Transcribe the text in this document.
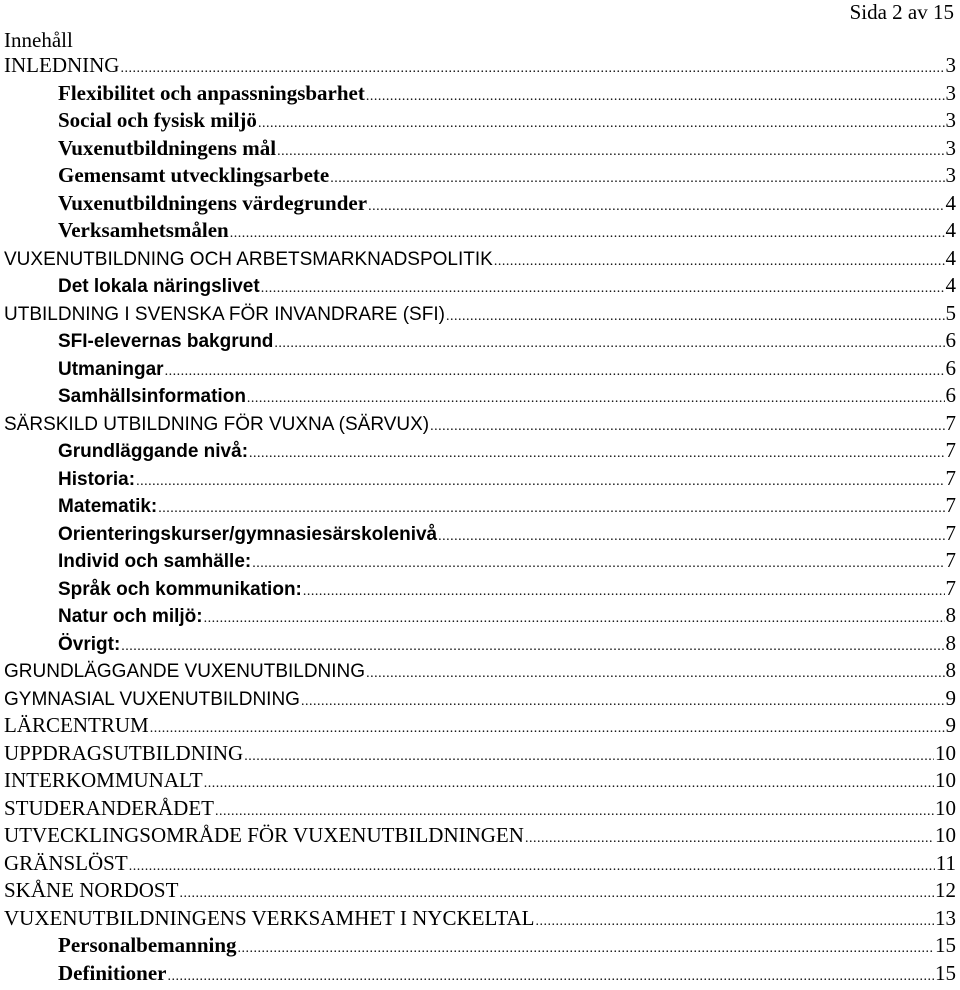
Sida 2 av 15
Innehåll
INLEDNING .....	3
Flexibilitet och anpassningsbarhet .....	3
Social och fysisk miljö .....	3
Vuxenutbildningens mål .....	3
Gemensamt utvecklingsarbete .....	3
Vuxenutbildningens värdegrunder .....	4
Verksamhetsmålen .....	4
VUXENUTBILDNING OCH ARBETSMARKNADSPOLITIK .....	4
Det lokala näringslivet .....	4
UTBILDNING I SVENSKA FÖR INVANDRARE (SFI) .....	5
SFI-elevernas bakgrund .....	6
Utmaningar .....	6
Samhällsinformation .....	6
SÄRSKILD UTBILDNING FÖR VUXNA (SÄRVUX) .....	7
Grundläggande nivå: .....	7
Historia: .....	7
Matematik: .....	7
Orienteringskurser/gymnasiesärskolenivå .....	7
Individ och samhälle: .....	7
Språk och kommunikation: .....	7
Natur och miljö: .....	8
Övrigt: .....	8
GRUNDLÄGGANDE VUXENUTBILDNING .....	8
GYMNASIAL VUXENUTBILDNING .....	9
LÄRCENTRUM .....	9
UPPDRAGSUTBILDNING .....	10
INTERKOMMUNALT .....	10
STUDERANDERÅDET .....	10
UTVECKLINGSOMRÅDE FÖR VUXENUTBILDNINGEN .....	10
GRÄNSLÖST .....	11
SKÅNE NORDOST .....	12
VUXENUTBILDNINGENS VERKSAMHET I NYCKELTAL .....	13
Personalbemanning .....	15
Definitioner .....	15
